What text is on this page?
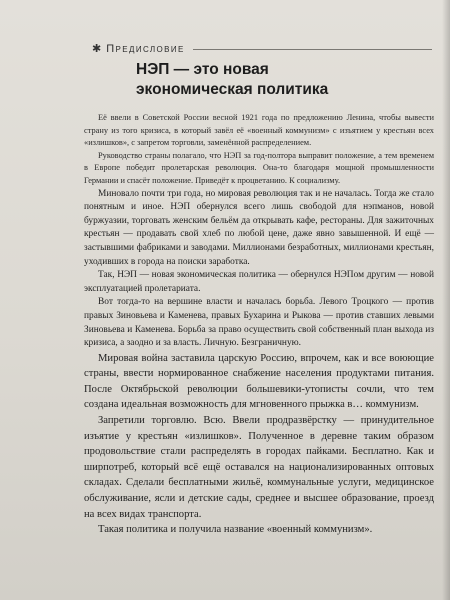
✱ Предисловие
НЭП — это новая
экономическая политика

Её ввели в Советской России весной 1921 года по предложению Ленина, чтобы вывести страну из того кризиса, в который завёл её «военный коммунизм» с изъятием у крестьян всех «излишков», с запретом торговли, заменённой распределением.

Руководство страны полагало, что НЭП за год-полтора выправит положение, а тем временем в Европе победит пролетарская революция. Она-то благодаря мощной промышленности Германии и спасёт положение. Приведёт к процветанию. К социализму.

Миновало почти три года, но мировая революция так и не началась. Тогда же стало понятным и иное. НЭП обернулся всего лишь свободой для нэпманов, новой буржуазии, торговать женским бельём да открывать кафе, рестораны. Для зажиточных крестьян — продавать свой хлеб по любой цене, даже явно завышенной. И ещё — застывшими фабриками и заводами. Миллионами безработных, миллионами крестьян, уходивших в города на поиски заработка.

Так, НЭП — новая экономическая политика — обернулся НЭПом другим — новой эксплуатацией пролетариата.

Вот тогда-то на вершине власти и началась борьба. Левого Троцкого — против правых Зиновьева и Каменева, правых Бухарина и Рыкова — против ставших левыми Зиновьева и Каменева. Борьба за право осуществить свой собственный план выхода из кризиса, а заодно и за власть. Личную. Безграничную.

Мировая война заставила царскую Россию, впрочем, как и все воюющие страны, ввести нормированное снабжение населения продуктами питания. После Октябрьской революции большевики-утописты сочли, что тем создана идеальная возможность для мгновенного прыжка в… коммунизм.

Запретили торговлю. Всю. Ввели продразвёрстку — принудительное изъятие у крестьян «излишков». Полученное в деревне таким образом продовольствие стали распределять в городах пайками. Бесплатно. Как и ширпотреб, который всё ещё оставался на национализированных оптовых складах. Сделали бесплатными жильё, коммунальные услуги, медицинское обслуживание, ясли и детские сады, среднее и высшее образование, проезд на всех видах транспорта.

Такая политика и получила название «военный коммунизм».
